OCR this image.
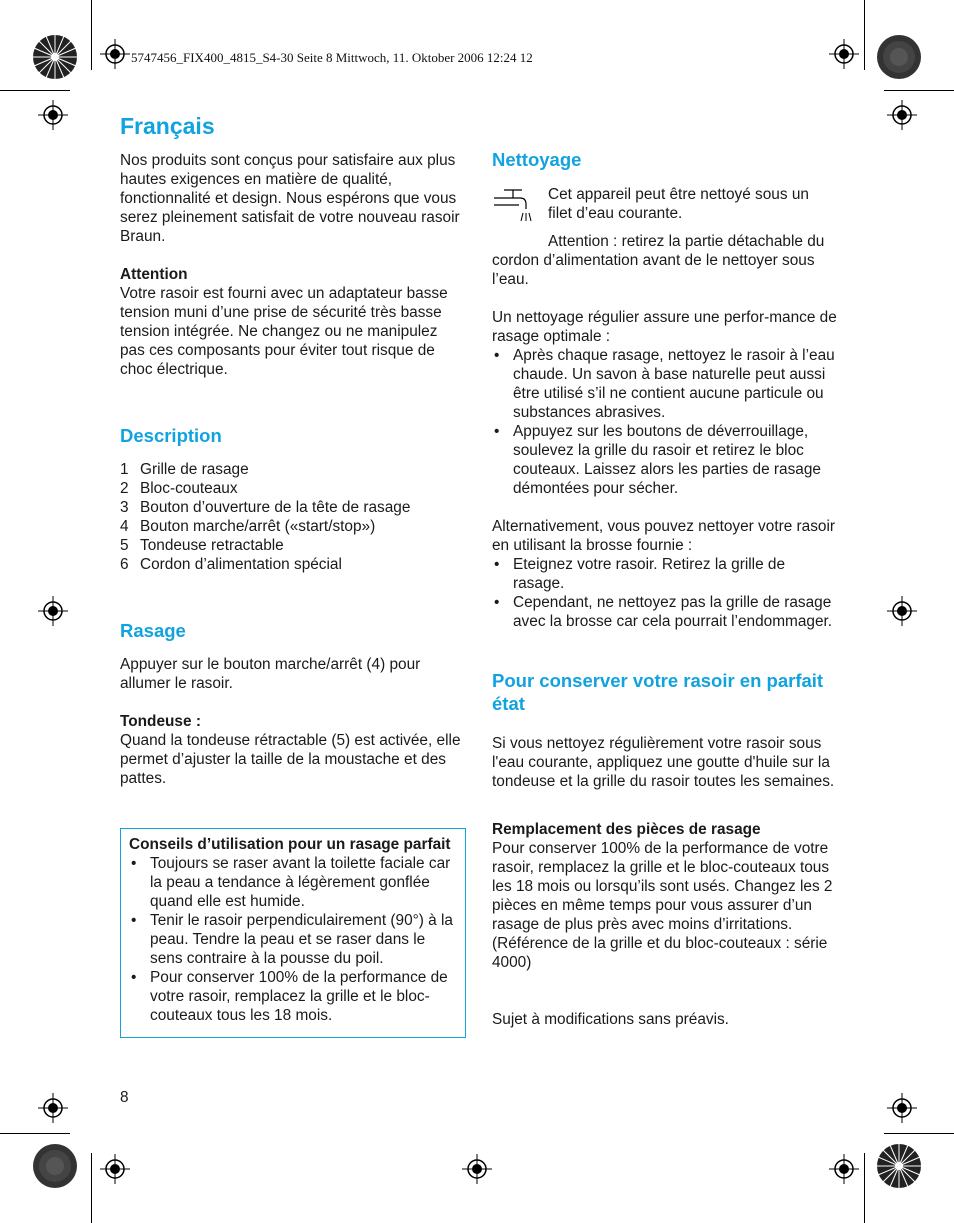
5747456_FIX400_4815_S4-30 Seite 8 Mittwoch, 11. Oktober 2006 12:24 12
Français

Nos produits sont conçus pour satisfaire aux plus hautes exigences en matière de qualité, fonctionnalité et design. Nous espérons que vous serez pleinement satisfait de votre nouveau rasoir Braun.

Attention

Votre rasoir est fourni avec un adaptateur basse tension muni d’une prise de sécurité très basse tension intégrée. Ne changez ou ne manipulez pas ces composants pour éviter tout risque de choc électrique.

Description
1 Grille de rasage
2 Bloc-couteaux
3 Bouton d’ouverture de la tête de rasage
4 Bouton marche/arrêt («start/stop»)
5 Tondeuse retractable
6 Cordon d’alimentation spécial
Rasage

Appuyer sur le bouton marche/arrêt (4) pour allumer le rasoir.

Tondeuse :

Quand la tondeuse rétractable (5) est activée, elle permet d’ajuster la taille de la moustache et des pattes.

Conseils d’utilisation pour un rasage parfait

• Toujours se raser avant la toilette faciale car la peau a tendance à légèrement gonflée quand elle est humide.
• Tenir le rasoir perpendiculairement (90°) à la peau. Tendre la peau et se raser dans le sens contraire à la pousse du poil.
• Pour conserver 100% de la performance de votre rasoir, remplacez la grille et le bloc-couteaux tous les 18 mois.
Nettoyage

Cet appareil peut être nettoyé sous un filet d’eau courante.

Attention : retirez la partie détachable du cordon d’alimentation avant de le nettoyer sous l’eau.

Un nettoyage régulier assure une perfor-mance de rasage optimale :

• Après chaque rasage, nettoyez le rasoir à l’eau chaude. Un savon à base naturelle peut aussi être utilisé s’il ne contient aucune particule ou substances abrasives.
• Appuyez sur les boutons de déverrouillage, soulevez la grille du rasoir et retirez le bloc couteaux. Laissez alors les parties de rasage démontées pour sécher.

Alternativement, vous pouvez nettoyer votre rasoir en utilisant la brosse fournie :

• Eteignez votre rasoir. Retirez la grille de rasage.
• Cependant, ne nettoyez pas la grille de rasage avec la brosse car cela pourrait l’endommager.
Pour conserver votre rasoir en parfait état

Si vous nettoyez régulièrement votre rasoir sous l'eau courante, appliquez une goutte d'huile sur la tondeuse et la grille du rasoir toutes les semaines.

Remplacement des pièces de rasage

Pour conserver 100% de la performance de votre rasoir, remplacez la grille et le bloc-couteaux tous les 18 mois ou lorsqu’ils sont usés. Changez les 2 pièces en même temps pour vous assurer d’un rasage de plus près avec moins d’irritations.

(Référence de la grille et du bloc-couteaux : série 4000)

Sujet à modifications sans préavis.

8
